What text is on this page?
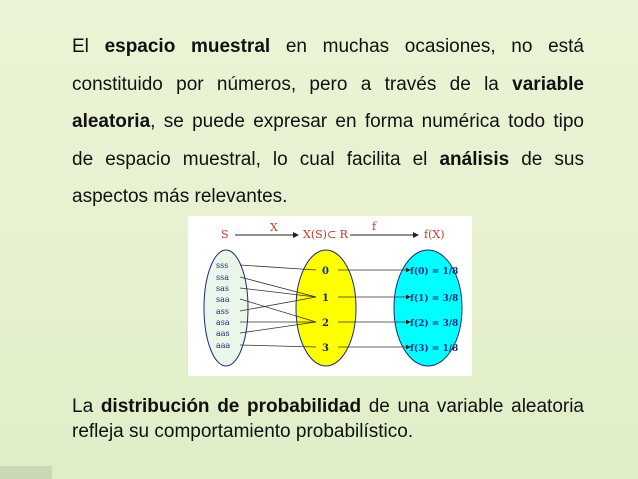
El espacio muestral en muchas ocasiones, no está constituido por números, pero a través de la variable aleatoria, se puede expresar en forma numérica todo tipo de espacio muestral, lo cual facilita el análisis de sus aspectos más relevantes.
S
X
X(S)⊂ R
f
f(X)
sss
ssa
sas
saa
ass
asa
aas
aaa
0
1
2
3
f(0) = 1/8
f(1) = 3/8
f(2) = 3/8
f(3) = 1/8
La distribución de probabilidad de una variable aleatoria refleja su comportamiento probabilístico.
